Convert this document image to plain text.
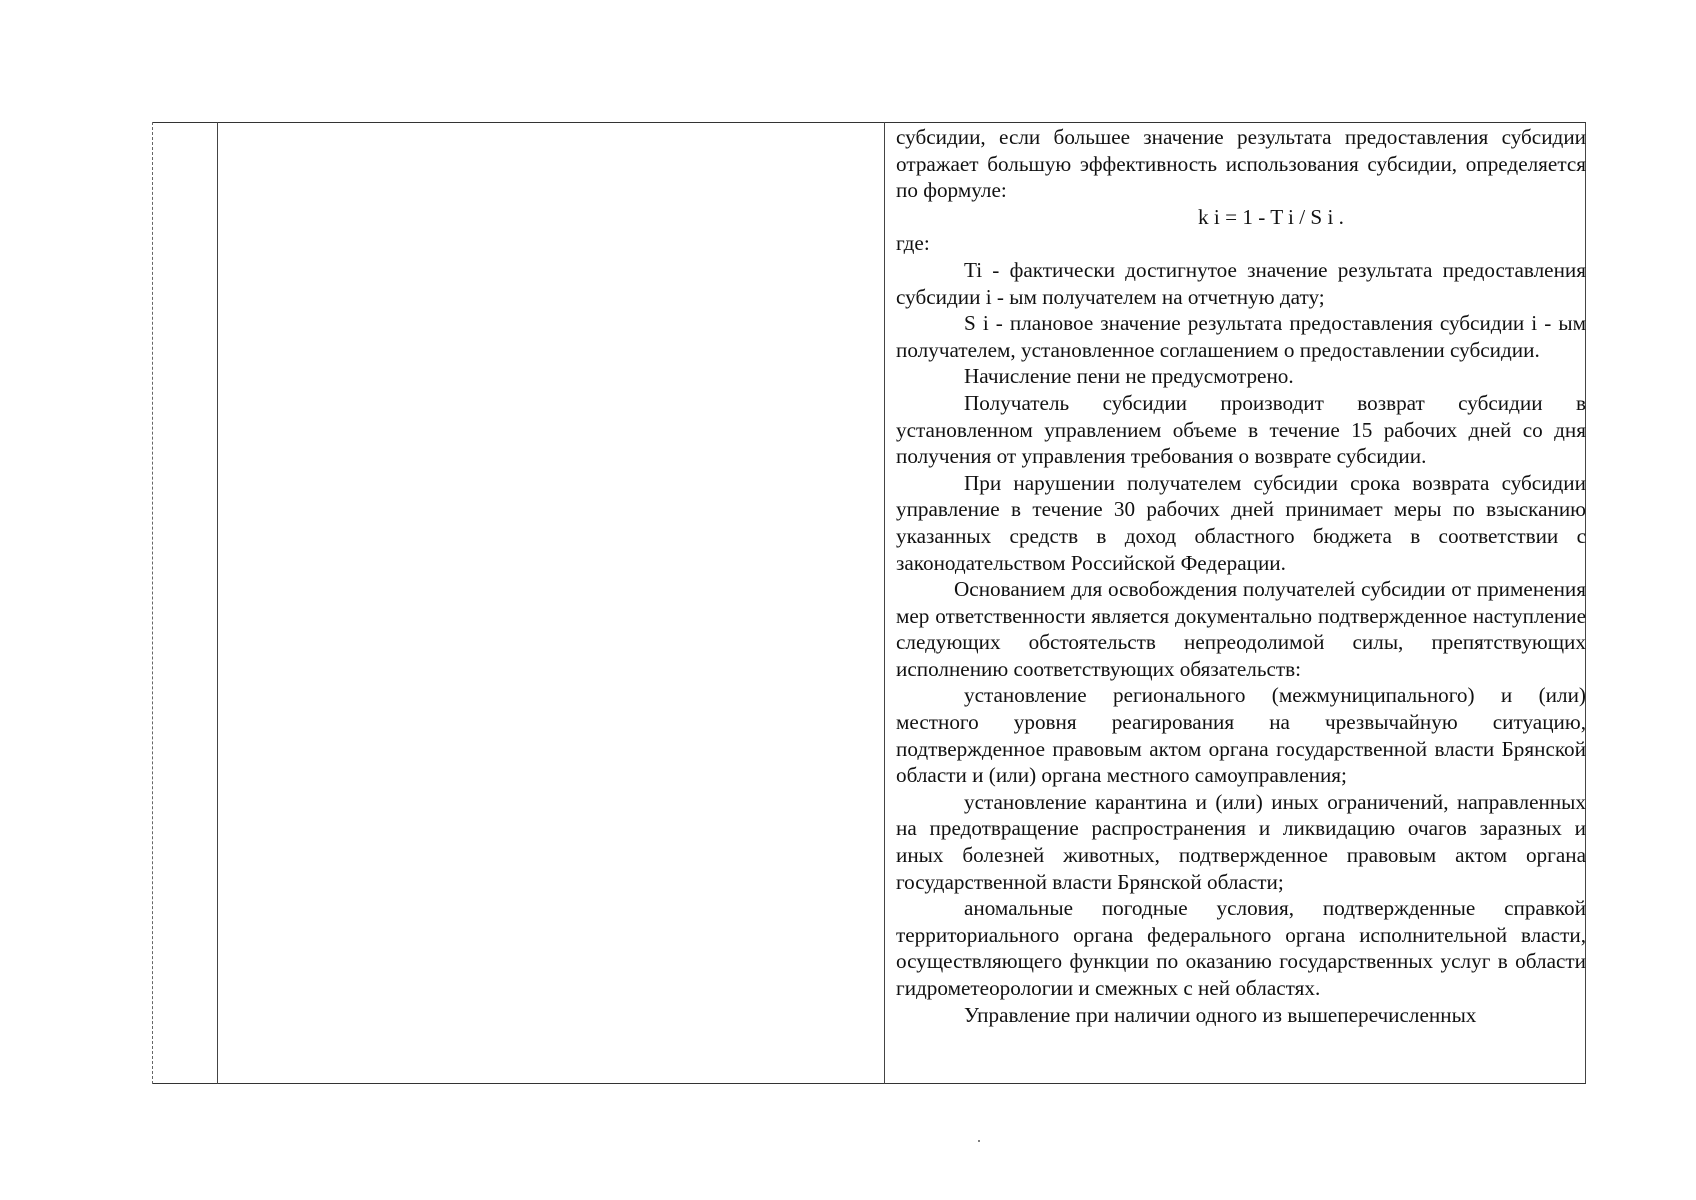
субсидии, если большее значение результата предоставления субсидии отражает большую эффективность использования субсидии, определяется по формуле:

k i = 1 - T i / S i .

где:

Ti - фактически достигнутое значение результата предоставления субсидии i - ым получателем на отчетную дату;

S i - плановое значение результата предоставления субсидии i - ым получателем, установленное соглашением о предоставлении субсидии.

Начисление пени не предусмотрено.

Получатель субсидии производит возврат субсидии в установленном управлением объеме в течение 15 рабочих дней со дня получения от управления требования о возврате субсидии.

При нарушении получателем субсидии срока возврата субсидии управление в течение 30 рабочих дней принимает меры по взысканию указанных средств в доход областного бюджета в соответствии с законодательством Российской Федерации.

Основанием для освобождения получателей субсидии от применения мер ответственности является документально подтвержденное наступление следующих обстоятельств непреодолимой силы, препятствующих исполнению соответствующих обязательств:

установление регионального (межмуниципального) и (или) местного уровня реагирования на чрезвычайную ситуацию, подтвержденное правовым актом органа государственной власти Брянской области и (или) органа местного самоуправления;

установление карантина и (или) иных ограничений, направленных на предотвращение распространения и ликвидацию очагов заразных и иных болезней животных, подтвержденное правовым актом органа государственной власти Брянской области;

аномальные погодные условия, подтвержденные справкой территориального органа федерального органа исполнительной власти, осуществляющего функции по оказанию государственных услуг в области гидрометеорологии и смежных с ней областях.

Управление при наличии одного из вышеперечисленных
